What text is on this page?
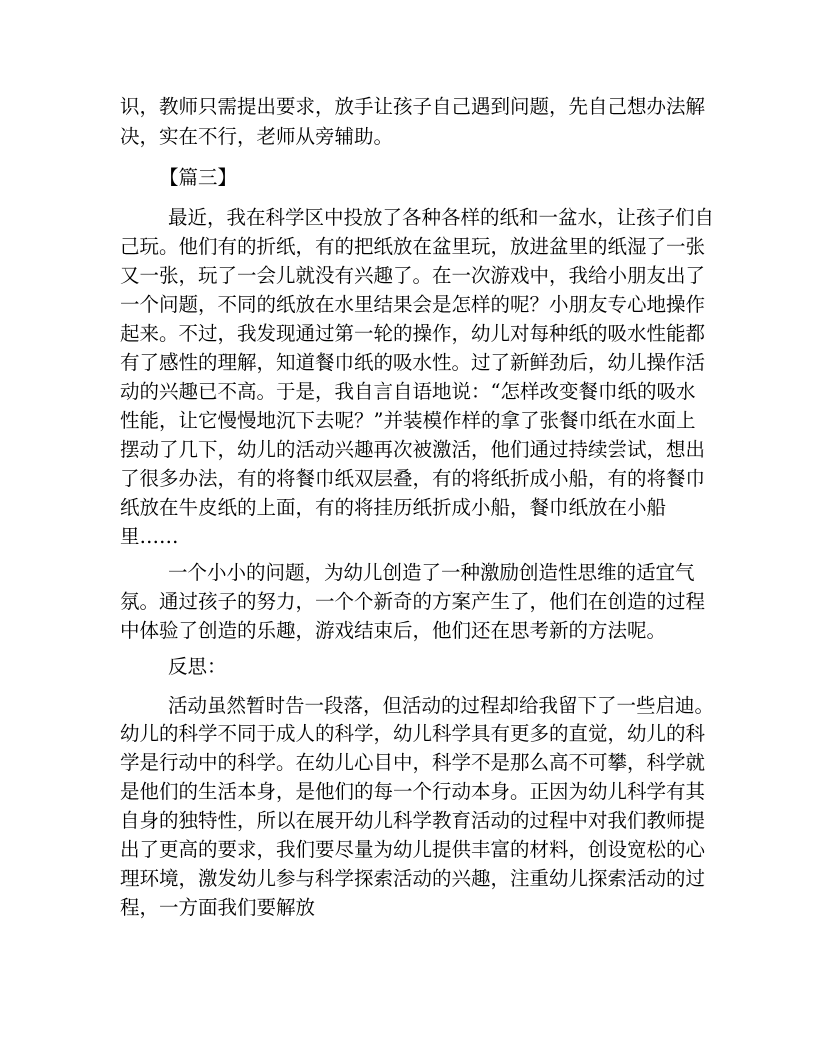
识，教师只需提出要求，放手让孩子自己遇到问题，先自己想办法解
决，实在不行，老师从旁辅助。
【篇三】
最近，我在科学区中投放了各种各样的纸和一盆水，让孩子们自
己玩。他们有的折纸，有的把纸放在盆里玩，放进盆里的纸湿了一张
又一张，玩了一会儿就没有兴趣了。在一次游戏中，我给小朋友出了
一个问题，不同的纸放在水里结果会是怎样的呢？小朋友专心地操作
起来。不过，我发现通过第一轮的操作，幼儿对每种纸的吸水性能都
有了感性的理解，知道餐巾纸的吸水性。过了新鲜劲后，幼儿操作活
动的兴趣已不高。于是，我自言自语地说：“怎样改变餐巾纸的吸水
性能，让它慢慢地沉下去呢？”并装模作样的拿了张餐巾纸在水面上
摆动了几下，幼儿的活动兴趣再次被激活，他们通过持续尝试，想出
了很多办法，有的将餐巾纸双层叠，有的将纸折成小船，有的将餐巾
纸放在牛皮纸的上面，有的将挂历纸折成小船，餐巾纸放在小船
里……
一个小小的问题，为幼儿创造了一种激励创造性思维的适宜气
氛。通过孩子的努力，一个个新奇的方案产生了，他们在创造的过程
中体验了创造的乐趣，游戏结束后，他们还在思考新的方法呢。
反思：
活动虽然暂时告一段落，但活动的过程却给我留下了一些启迪。
幼儿的科学不同于成人的科学，幼儿科学具有更多的直觉，幼儿的科
学是行动中的科学。在幼儿心目中，科学不是那么高不可攀，科学就
是他们的生活本身，是他们的每一个行动本身。正因为幼儿科学有其
自身的独特性，所以在展开幼儿科学教育活动的过程中对我们教师提
出了更高的要求，我们要尽量为幼儿提供丰富的材料，创设宽松的心
理环境，激发幼儿参与科学探索活动的兴趣，注重幼儿探索活动的过
程，一方面我们要解放
